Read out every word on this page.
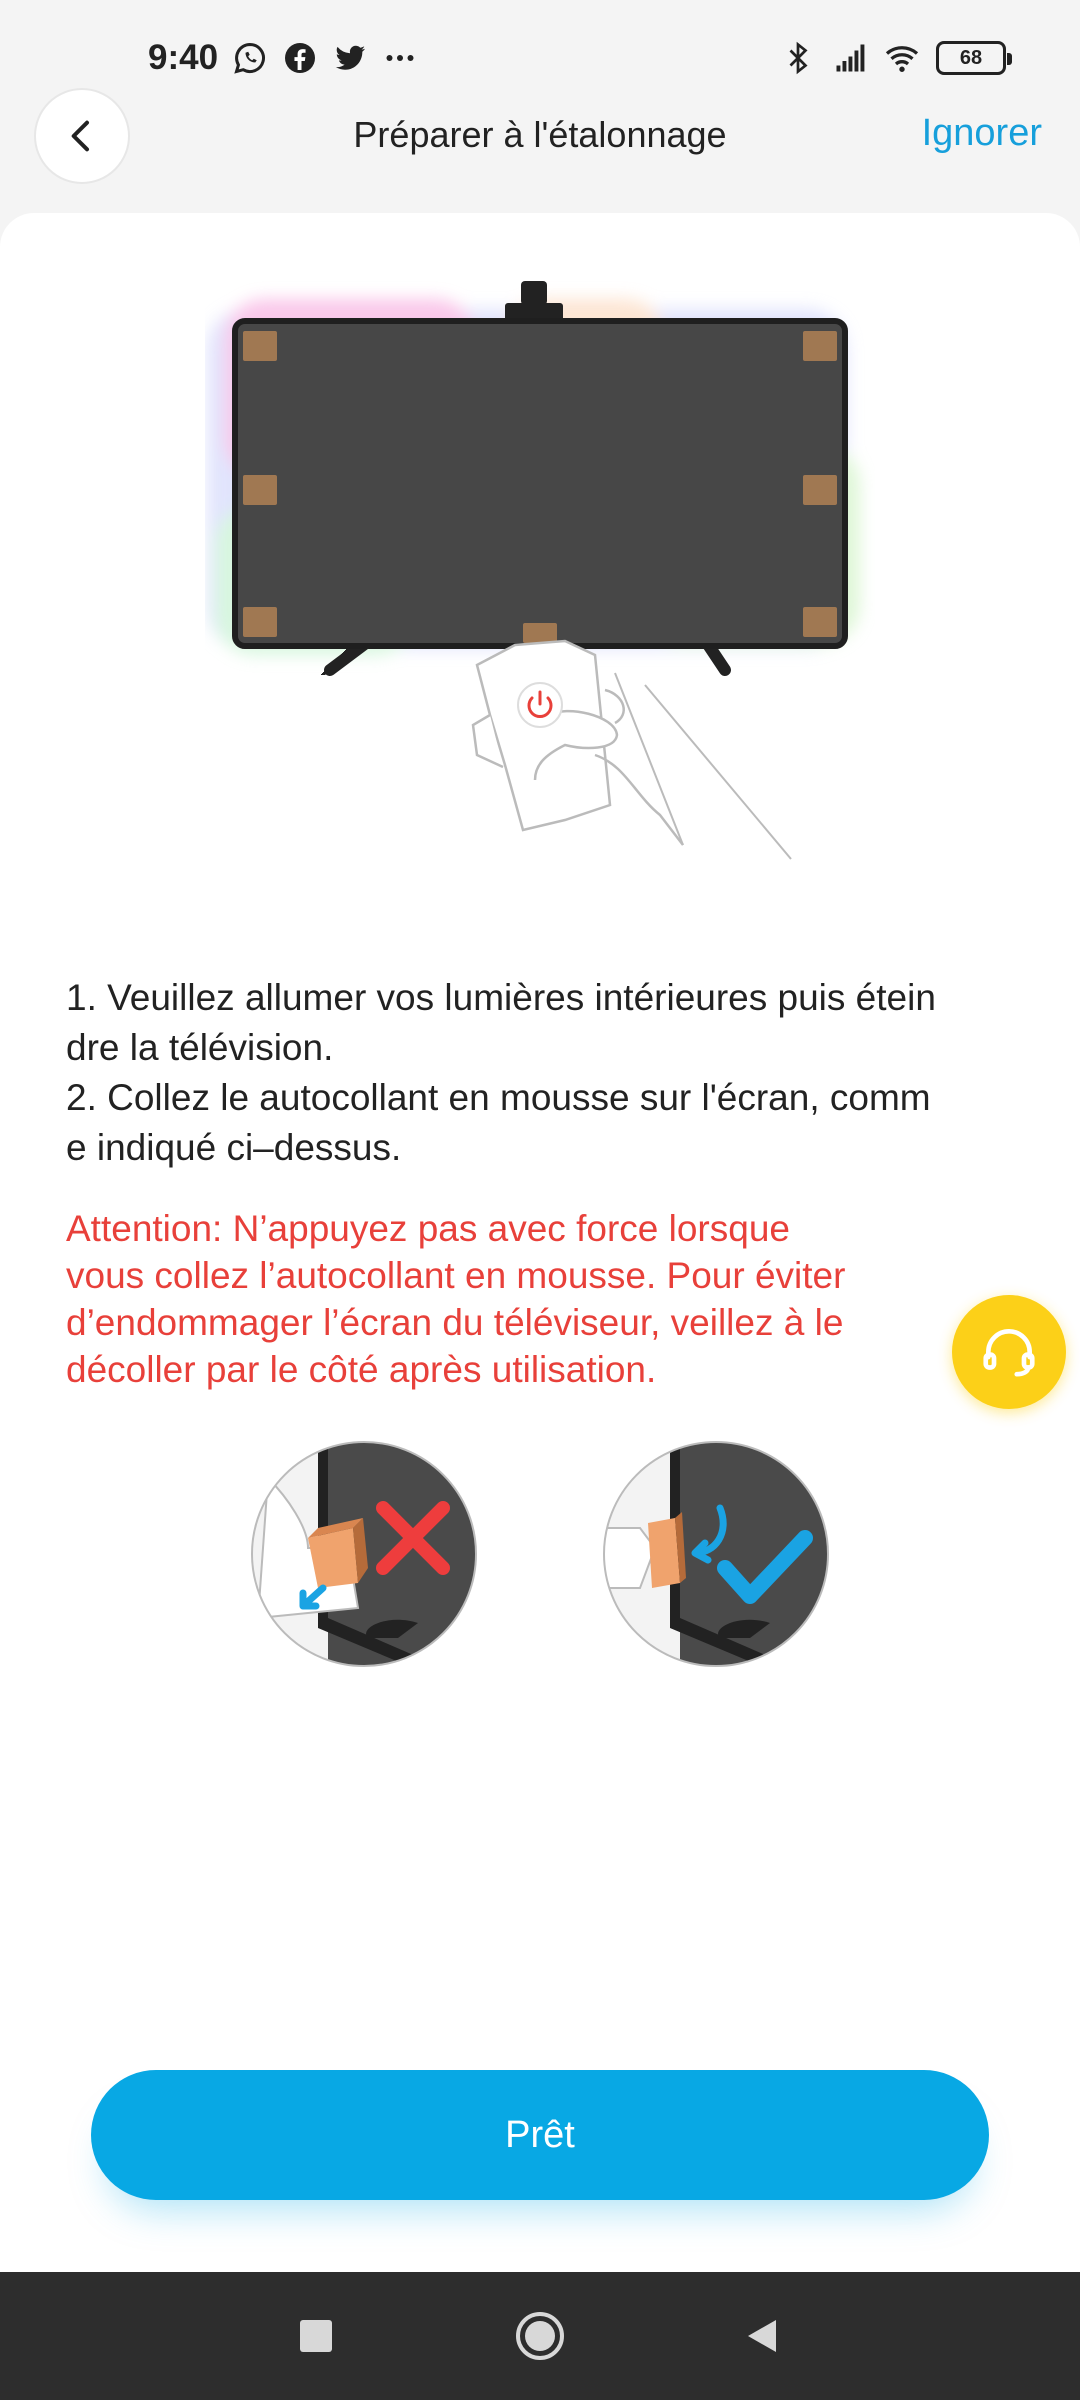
9:40	68
Préparer à l'étalonnage	Ignorer
1. Veuillez allumer vos lumières intérieures puis étein
dre la télévision.
2. Collez le autocollant en mousse sur l'écran, comm
e indiqué ci–dessus.
Attention: N’appuyez pas avec force lorsque
vous collez l’autocollant en mousse. Pour éviter
d’endommager l’écran du téléviseur, veillez à le
décoller par le côté après utilisation.
Prêt
